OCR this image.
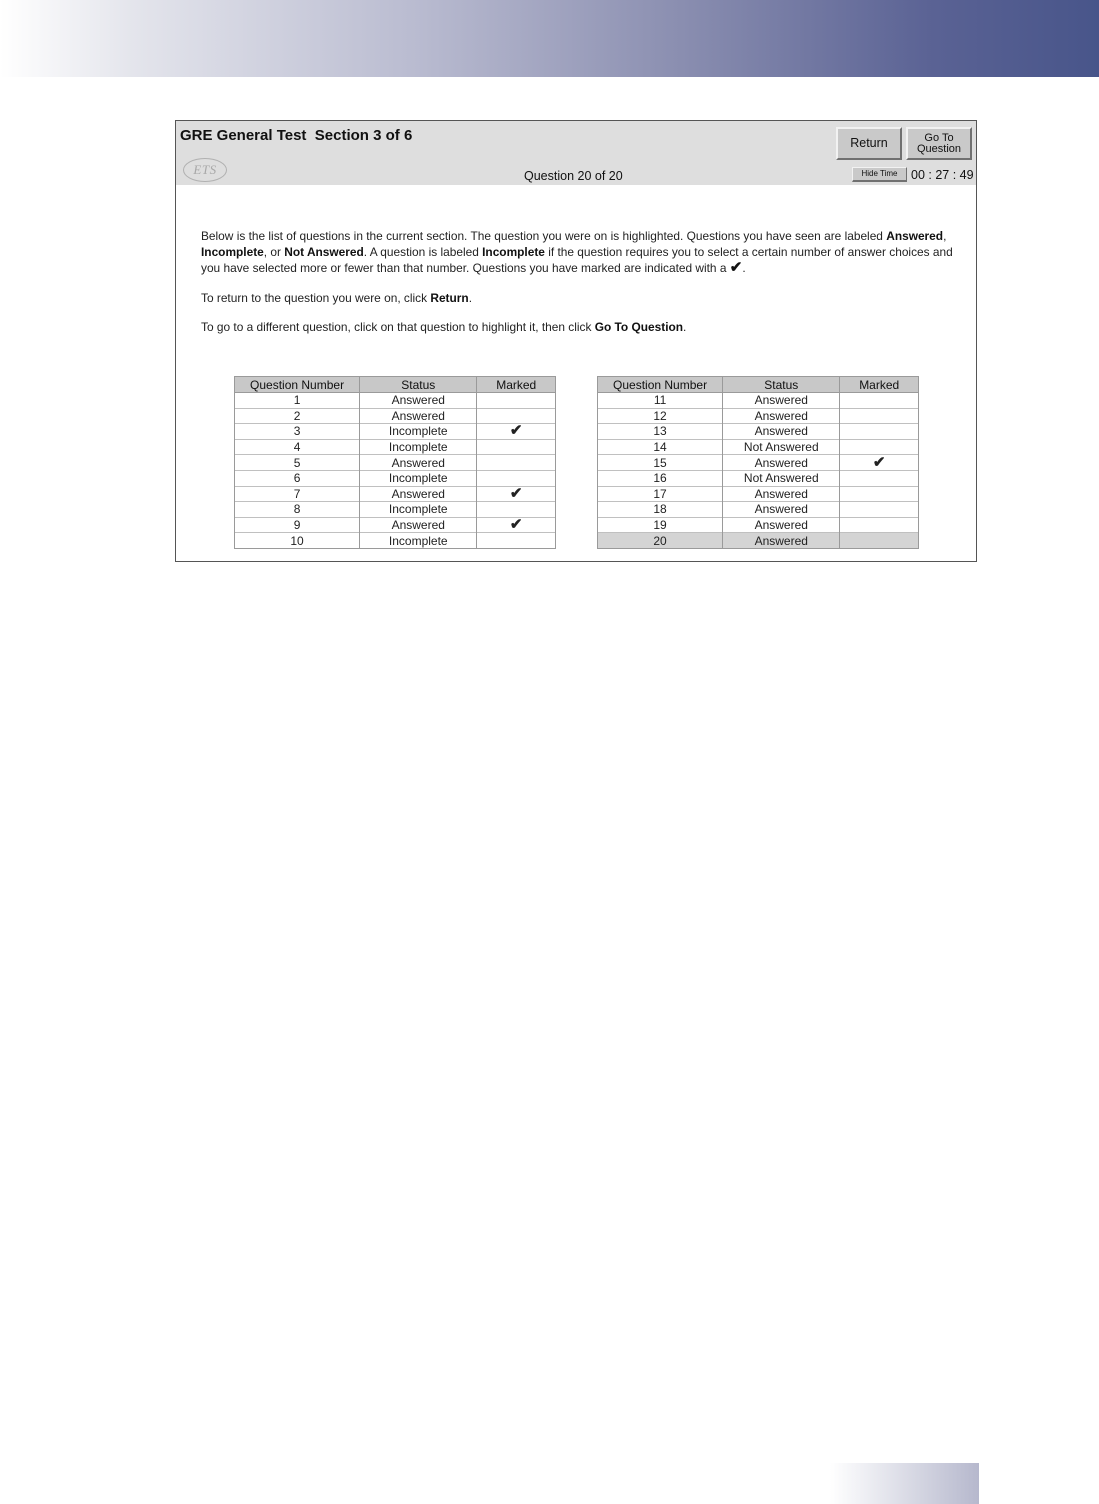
GRE General Test  Section 3 of 6
ETS	Question 20 of 20
Return	Go To Question
Hide Time	00 : 27 : 49

Below is the list of questions in the current section. The question you were on is highlighted. Questions you have seen are labeled Answered, Incomplete, or Not Answered. A question is labeled Incomplete if the question requires you to select a certain number of answer choices and you have selected more or fewer than that number. Questions you have marked are indicated with a ✔.

To return to the question you were on, click Return.

To go to a different question, click on that question to highlight it, then click Go To Question.

Question Number	Status	Marked
1	Answered	
2	Answered	
3	Incomplete	✔
4	Incomplete	
5	Answered	
6	Incomplete	
7	Answered	✔
8	Incomplete	
9	Answered	✔
10	Incomplete	
Question Number	Status	Marked
11	Answered	
12	Answered	
13	Answered	
14	Not Answered	
15	Answered	✔
16	Not Answered	
17	Answered	
18	Answered	
19	Answered	
20	Answered	
